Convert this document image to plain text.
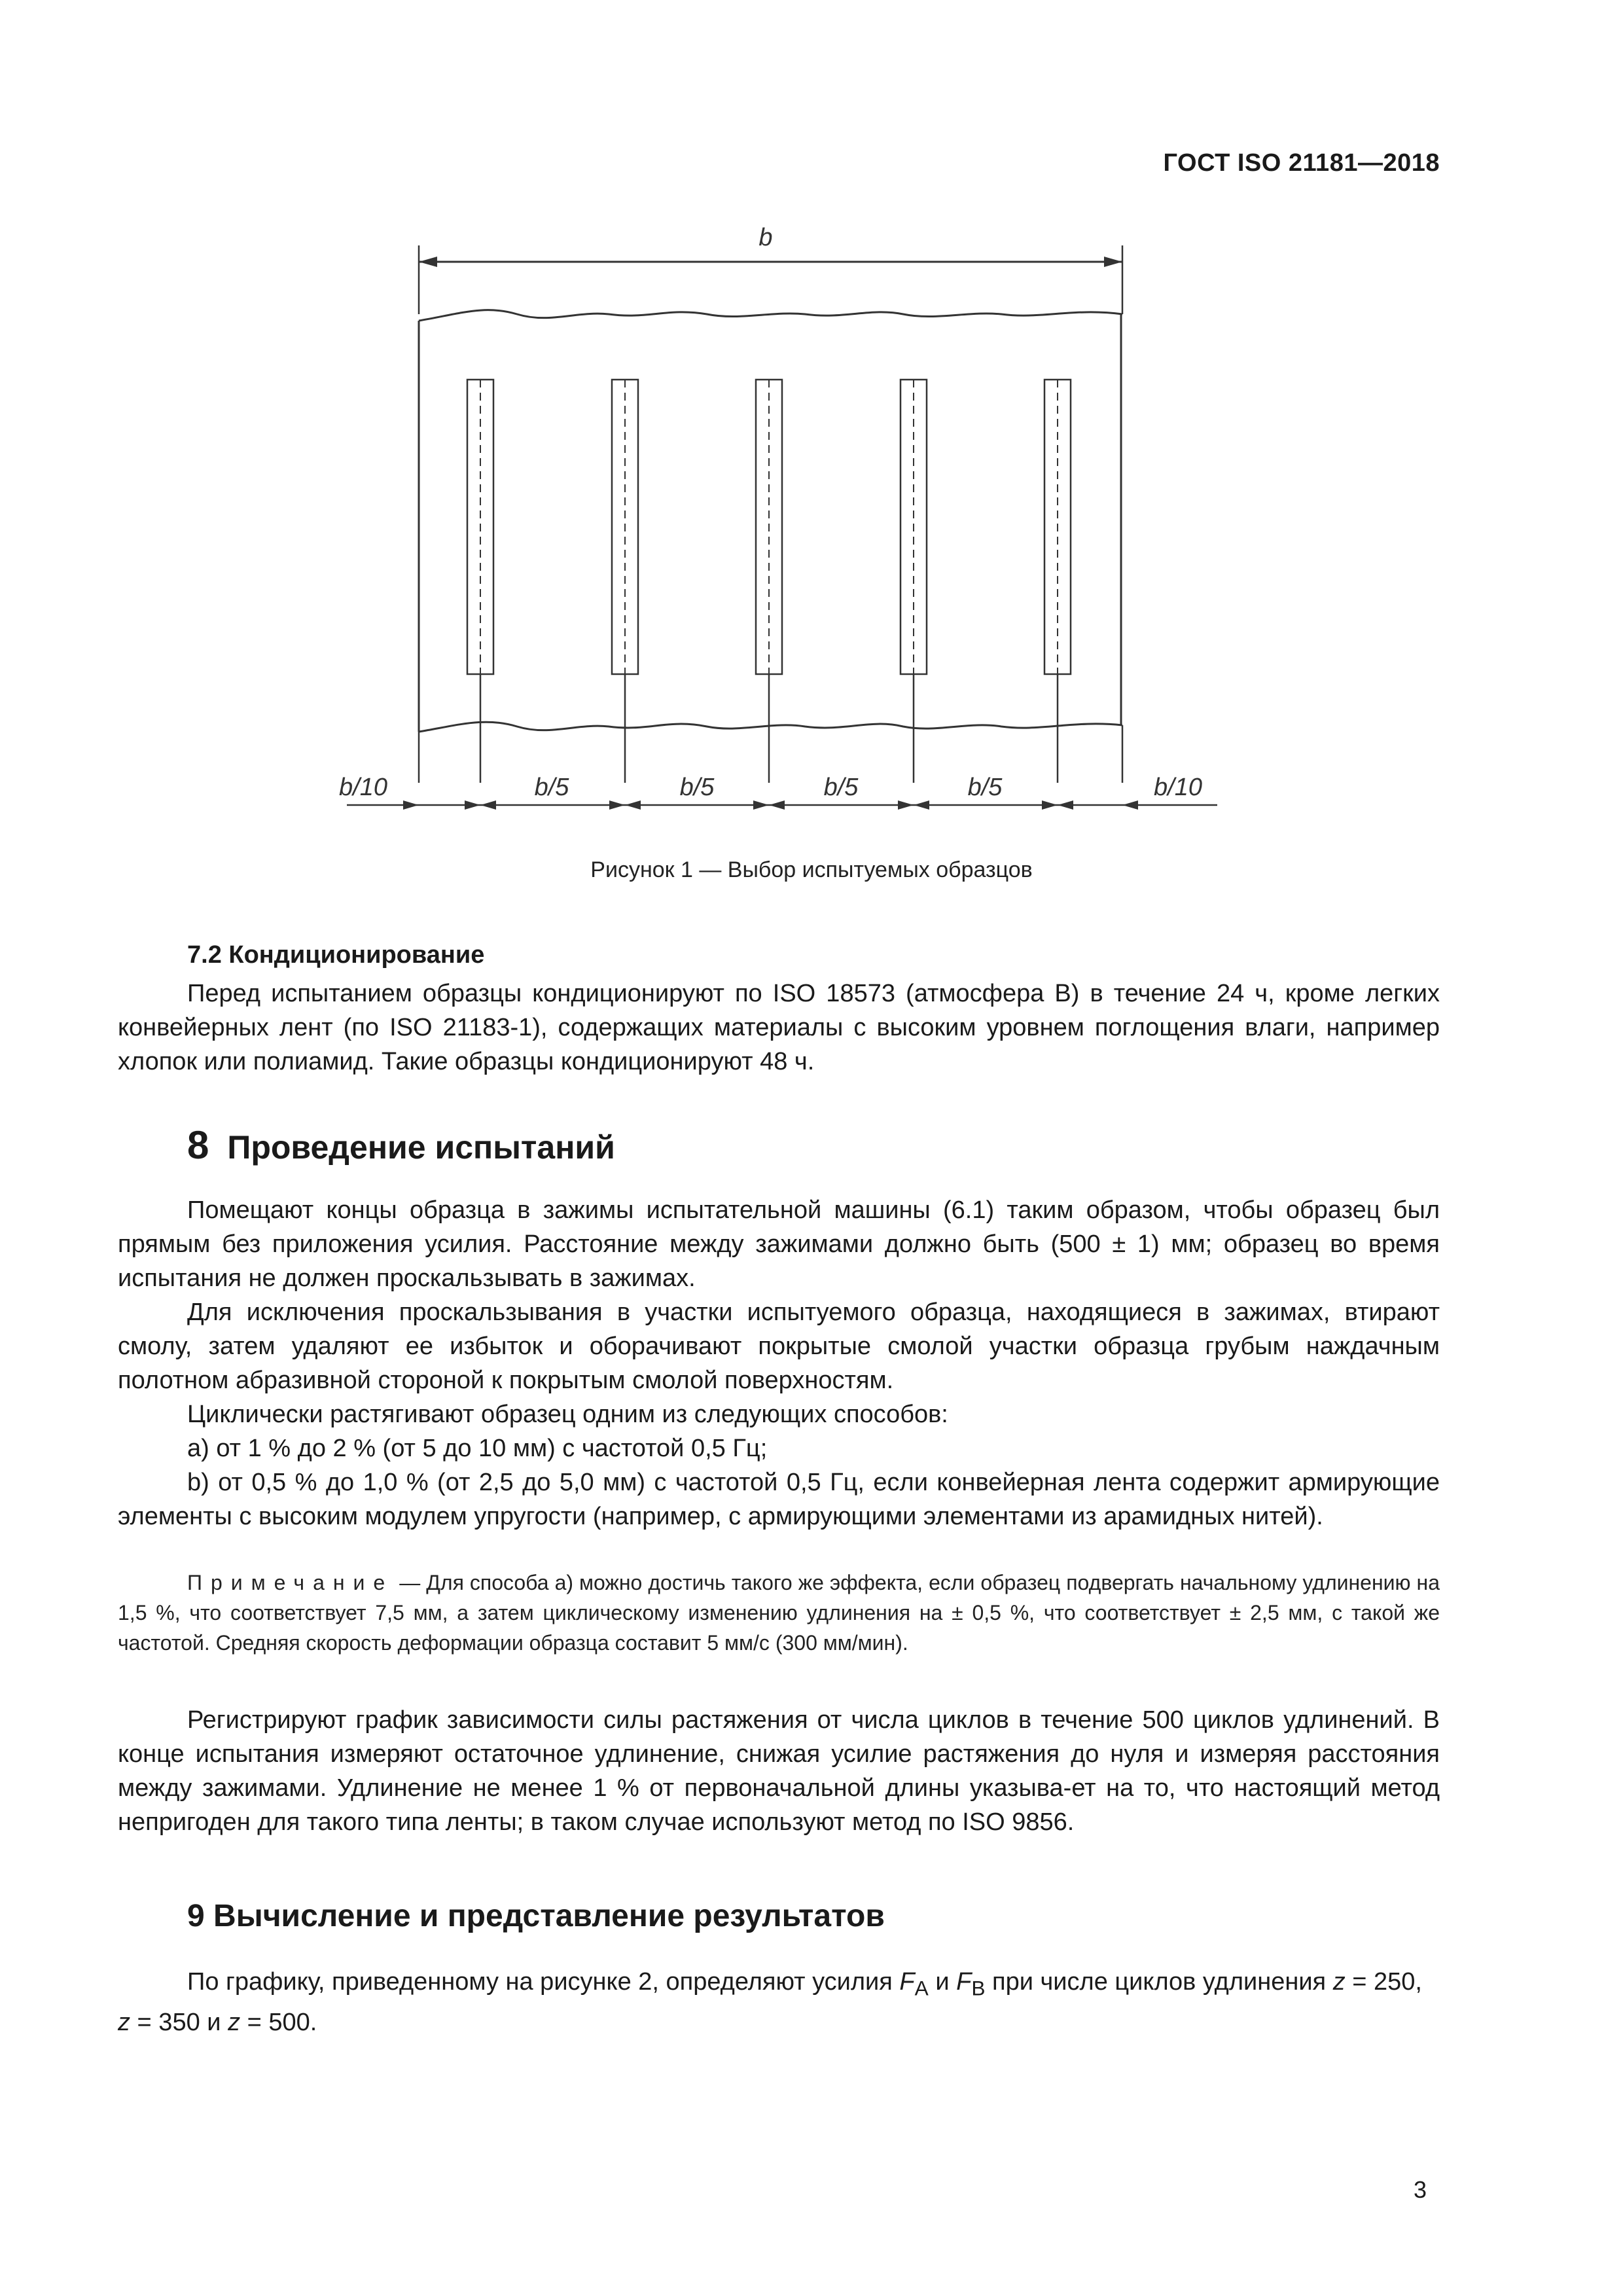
ГОСТ ISO 21181—2018
b
b/10	b/5	b/5	b/5	b/5	b/10
Рисунок 1 — Выбор испытуемых образцов
7.2 Кондиционирование

Перед испытанием образцы кондиционируют по ISO 18573 (атмосфера В) в течение 24 ч, кроме легких конвейерных лент (по ISO 21183-1), содержащих материалы с высоким уровнем поглощения влаги, например хлопок или полиамид. Такие образцы кондиционируют 48 ч.

8 Проведение испытаний

Помещают концы образца в зажимы испытательной машины (6.1) таким образом, чтобы образец был прямым без приложения усилия. Расстояние между зажимами должно быть (500 ± 1) мм; образец во время испытания не должен проскальзывать в зажимах.

Для исключения проскальзывания в участки испытуемого образца, находящиеся в зажимах, втирают смолу, затем удаляют ее избыток и оборачивают покрытые смолой участки образца грубым наждачным полотном абразивной стороной к покрытым смолой поверхностям.

Циклически растягивают образец одним из следующих способов:

а) от 1 % до 2 % (от 5 до 10 мм) с частотой 0,5 Гц;

b) от 0,5 % до 1,0 % (от 2,5 до 5,0 мм) с частотой 0,5 Гц, если конвейерная лента содержит армирующие элементы с высоким модулем упругости (например, с армирующими элементами из арамидных нитей).

Примечание — Для способа а) можно достичь такого же эффекта, если образец подвергать начальному удлинению на 1,5 %, что соответствует 7,5 мм, а затем циклическому изменению удлинения на ± 0,5 %, что соответствует ± 2,5 мм, с такой же частотой. Средняя скорость деформации образца составит 5 мм/с (300 мм/мин).

Регистрируют график зависимости силы растяжения от числа циклов в течение 500 циклов удлинений. В конце испытания измеряют остаточное удлинение, снижая усилие растяжения до нуля и измеряя расстояния между зажимами. Удлинение не менее 1 % от первоначальной длины указыва-ет на то, что настоящий метод непригоден для такого типа ленты; в таком случае используют метод по ISO 9856.

9 Вычисление и представление результатов

По графику, приведенному на рисунке 2, определяют усилия $F_A$ и $F_B$ при числе циклов удлинения z = 250, z = 350 и z = 500.

3
